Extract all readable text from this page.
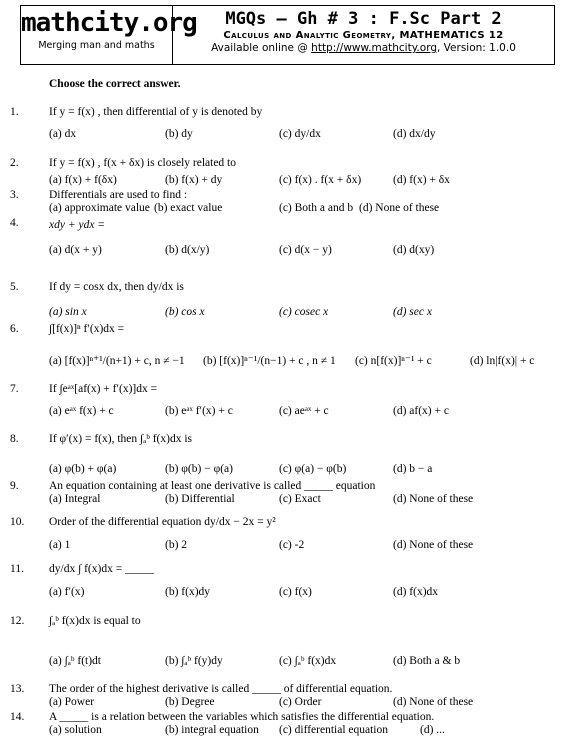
mathcity.org
Merging man and maths
MGQs – Gh # 3 : F.Sc Part 2
Calculus and Analytic Geometry, MATHEMATICS 12
Available online @ http://www.mathcity.org, Version: 1.0.0
Choose the correct answer.
1.	If y = f(x) , then differential of y is denoted by
(a) dx	(b) dy	(c) dy/dx	(d) dx/dy
2.	If y = f(x) , f(x + δx) is closely related to
(a) f(x) + f(δx)	(b) f(x) + dy	(c) f(x) . f(x + δx)	(d) f(x) + δx
3.	Differentials are used to find :
(a) approximate value (b) exact value	(c) Both a and b (d) None of these
4.	xdy + ydx =
(a) d(x + y)	(b) d(x/y)	(c) d(x − y)	(d) d(xy)
5.	If dy = cosx dx, then dy/dx is
(a) sin x	(b) cos x	(c) cosec x	(d) sec x
6.	∫[f(x)]ⁿ f′(x)dx =
(a) [f(x)]ⁿ⁺¹/(n+1) + c, n ≠ −1 (b) [f(x)]ⁿ⁻¹/(n−1) + c , n ≠ 1 (c) n[f(x)]ⁿ⁻¹ + c	(d) ln|f(x)| + c
7.	If ∫eᵃˣ[af(x) + f′(x)]dx =
(a) eᵃˣ f(x) + c	(b) eᵃˣ f′(x) + c	(c) aeᵃˣ + c	(d) af(x) + c
8.	If φ′(x) = f(x), then ∫ₐᵇ f(x)dx is
(a) φ(b) + φ(a)	(b) φ(b) − φ(a)	(c) φ(a) − φ(b)	(d) b − a
9.	An equation containing at least one derivative is called _____ equation
(a) Integral	(b) Differential	(c) Exact	(d) None of these
10. Order of the differential equation dy/dx − 2x = y²
(a) 1	(b) 2	(c) -2	(d) None of these
11. dy/dx ∫ f(x)dx = _____
(a) f′(x)	(b) f(x)dy	(c) f(x)	(d) f(x)dx
12. ∫ₐᵇ f(x)dx is equal to
(a) ∫ₐᵇ f(t)dt	(b) ∫ₐᵇ f(y)dy	(c) ∫ₐᵇ f(x)dx	(d) Both a & b
13. The order of the highest derivative is called _____ of differential equation.
(a) Power	(b) Degree	(c) Order	(d) None of these
14. A _____ is a relation between the variables which satisfies the differential equation.
(a) solution	(b) integral equation (c) differential equation	(d) ...
